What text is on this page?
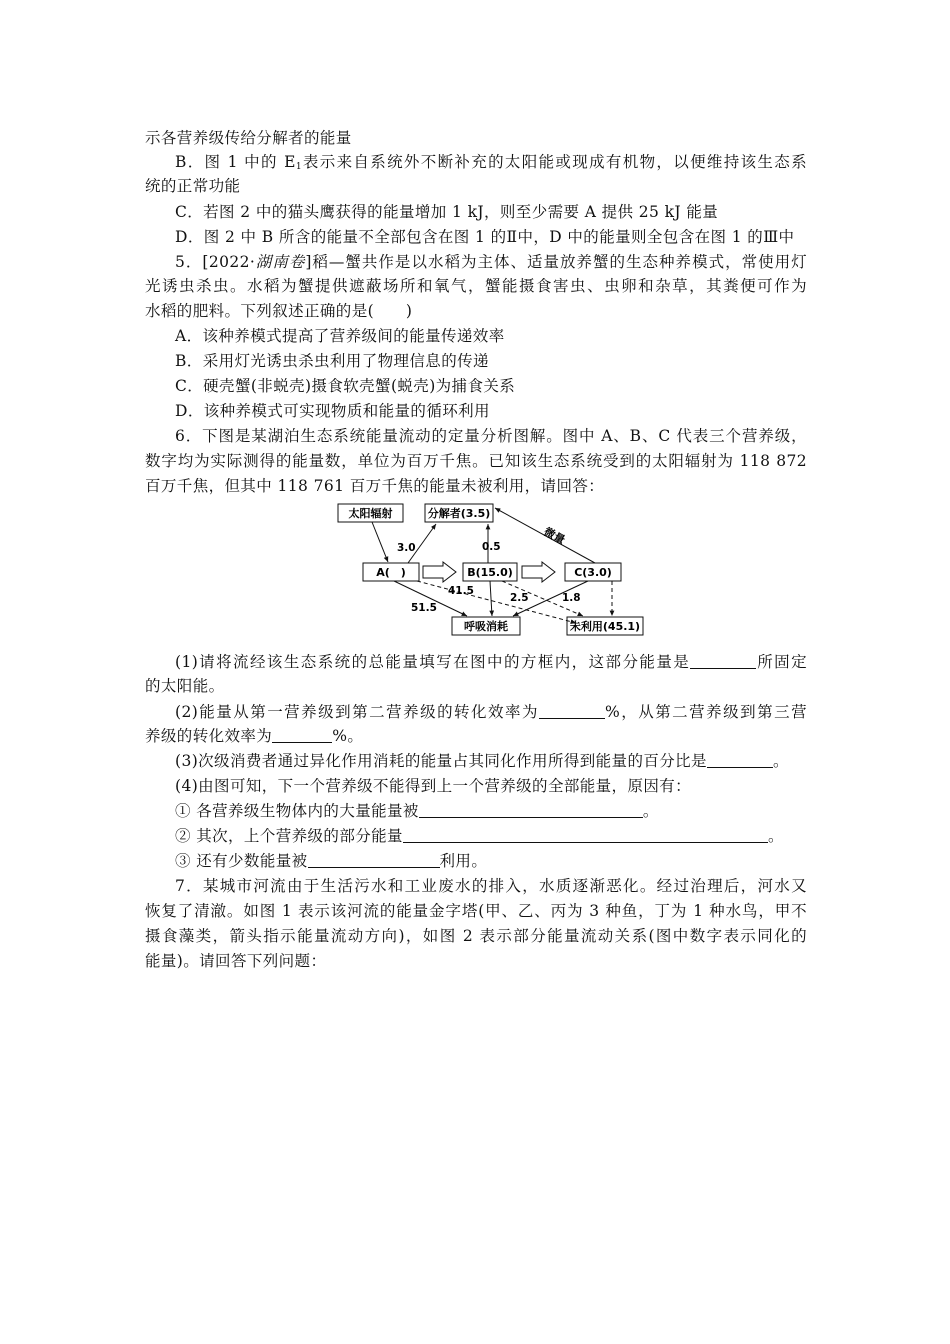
示各营养级传给分解者的能量
B．图 1 中的 $E_1$表示来自系统外不断补充的太阳能或现成有机物，以便维持该生态系
统的正常功能
C．若图 2 中的猫头鹰获得的能量增加 1 kJ，则至少需要 A 提供 25 kJ 能量
D．图 2 中 B 所含的能量不全部包含在图 1 的Ⅱ中，D 中的能量则全包含在图 1 的Ⅲ中
5．[2022·湖南卷]稻—蟹共作是以水稻为主体、适量放养蟹的生态种养模式，常使用灯
光诱虫杀虫。水稻为蟹提供遮蔽场所和氧气，蟹能摄食害虫、虫卵和杂草，其粪便可作为
水稻的肥料。下列叙述正确的是(　　)
A．该种养模式提高了营养级间的能量传递效率
B．采用灯光诱虫杀虫利用了物理信息的传递
C．硬壳蟹(非蜕壳)摄食软壳蟹(蜕壳)为捕食关系
D．该种养模式可实现物质和能量的循环利用
6．下图是某湖泊生态系统能量流动的定量分析图解。图中 A、B、C 代表三个营养级，
数字均为实际测得的能量数，单位为百万千焦。已知该生态系统受到的太阳辐射为 118 872
百万千焦，但其中 118 761 百万千焦的能量未被利用，请回答：
太阳辐射	分解者(3.5)
A(　)	B(15.0)	C(3.0)
呼吸消耗	未利用(45.1)
3.0	0.5
41.5
2.5	1.8
51.5
微量
(1)请将流经该生态系统的总能量填写在图中的方框内，这部分能量是	所固定
的太阳能。
(2)能量从第一营养级到第二营养级的转化效率为	%，从第二营养级到第三营
养级的转化效率为	%。
(3)次级消费者通过异化作用消耗的能量占其同化作用所得到能量的百分比是	。
(4)由图可知，下一个营养级不能得到上一个营养级的全部能量，原因有：
① 各营养级生物体内的大量能量被	。
② 其次，上个营养级的部分能量	。
③ 还有少数能量被	利用。
7．某城市河流由于生活污水和工业废水的排入，水质逐渐恶化。经过治理后，河水又
恢复了清澈。如图 1 表示该河流的能量金字塔(甲、乙、丙为 3 种鱼，丁为 1 种水鸟，甲不
摄食藻类，箭头指示能量流动方向)，如图 2 表示部分能量流动关系(图中数字表示同化的
能量)。请回答下列问题：
